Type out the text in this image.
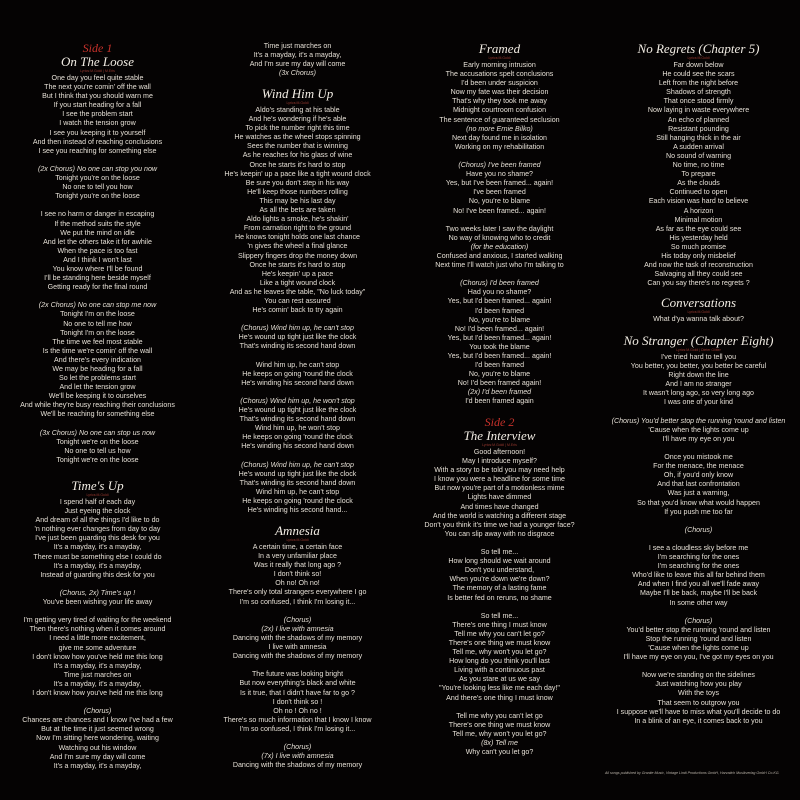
Side 1
On The Loose
Lyrics:M.Goldi | M.Eris
One day you feel quite stable
The next you're comin' off the wall
But I think that you should warn me
If you start heading for a fall
I see the problem start
I watch the tension grow
I see you keeping it to yourself
And then instead of reaching conclusions
I see you reaching for something else
(2x Chorus) No one can stop you now
Tonight you're on the loose
No one to tell you how
Tonight you're on the loose
I see no harm or danger in escaping
If the method suits the style
We put the mind on idle
And let the others take it for awhile
When the pace is too fast
And I think I won't last
You know where I'll be found
I'll be standing here beside myself
Getting ready for the final round
(2x Chorus) No one can stop me now
Tonight I'm on the loose
No one to tell me how
Tonight I'm on the loose
The time we feel most stable
Is the time we're comin' off the wall
And there's every indication
We may be heading for a fall
So let the problems start
And let the tension grow
We'll be keeping it to ourselves
And while they're busy reaching their conclusions
We'll be reaching for something else
(3x Chorus) No one can stop us now
Tonight we're on the loose
No one to tell us how
Tonight we're on the loose
Time's Up
Lyrics:M.Goldi
I spend half of each day
Just eyeing the clock
And dream of all the things I'd like to do
'n nothing ever changes from day to day
I've just been guarding this desk for you
It's a mayday, it's a mayday,
There must be something else I could do
It's a mayday, it's a mayday,
Instead of guarding this desk for you
(Chorus, 2x) Time's up !
You've been wishing your life away
I'm getting very tired of waiting for the weekend
Then there's nothing when it comes around
I need a little more excitement,
give me some adventure
I don't know how you've held me this long
It's a mayday, it's a mayday,
Time just marches on
It's a mayday, it's a mayday,
I don't know how you've held me this long
(Chorus)
Chances are chances and I know I've had a few
But at the time it just seemed wrong
Now I'm sitting here wondering, waiting
Watching out his window
And I'm sure my day will come
It's a mayday, it's a mayday,
Time just marches on
It's a mayday, it's a mayday,
And I'm sure my day will come
(3x Chorus)
Wind Him Up
Lyrics:M.Goldi
Aldo's standing at his table
And he's wondering if he's able
To pick the number right this time
He watches as the wheel stops spinning
Sees the number that is winning
As he reaches for his glass of wine
Once he starts it's hard to stop
He's keepin' up a pace like a tight wound clock
Be sure you don't step in his way
He'll keep those numbers rolling
This may be his last day
As all the bets are taken
Aldo lights a smoke, he's shakin'
From carnation right to the ground
He knows tonight holds one last chance
'n gives the wheel a final glance
Slippery fingers drop the money down
Once he starts it's hard to stop
He's keepin' up a pace
Like a tight wound clock
And as he leaves the table, "No luck today"
You can rest assured
He's comin' back to try again
(Chorus) Wind him up, he can't stop
He's wound up tight just like the clock
That's winding its second hand down
Wind him up, he can't stop
He keeps on going 'round the clock
He's winding his second hand down
(Chorus) Wind him up, he won't stop
He's wound up tight just like the clock
That's winding its second hand down
Wind him up, he won't stop
He keeps on going 'round the clock
He's winding his second hand down
(Chorus) Wind him up, he can't stop
He's wound up tight just like the clock
That's winding its second hand down
Wind him up, he can't stop
He keeps on going 'round the clock
He's winding his second hand...
Amnesia
Lyrics:M.Goldi
A certain time, a certain face
In a very unfamiliar place
Was it really that long ago ?
I don't think so!
Oh no! Oh no!
There's only total strangers everywhere I go
I'm so confused, I think I'm losing it...
(Chorus)
(2x) I live with amnesia
Dancing with the shadows of my memory
I live with amnesia
Dancing with the shadows of my memory
The future was looking bright
But now everything's black and white
Is it true, that I didn't have far to go ?
I don't think so !
Oh no ! Oh no !
There's so much information that I know I know
I'm so confused, I think I'm losing it...
(Chorus)
(7x) I live with amnesia
Dancing with the shadows of my memory
Framed
Lyrics:M.Goldi
Early morning intrusion
The accusations spelt conclusions
I'd been under suspicion
Now my fate was their decision
That's why they took me away
Midnight courtroom confusion
The sentence of guaranteed seclusion
(no more Ernie Bilko)
Next day found me in isolation
Working on my rehabilitation
(Chorus) I've been framed
Have you no shame?
Yes, but I've been framed... again!
I've been framed
No, you're to blame
No! I've been framed... again!
Two weeks later I saw the daylight
No way of knowing who to credit
(for the education)
Confused and anxious, I started walking
Next time I'll watch just who I'm talking to
(Chorus) I'd been framed
Had you no shame?
Yes, but I'd been framed... again!
I'd been framed
No, you're to blame
No! I'd been framed... again!
Yes, but I'd been framed... again!
You took the blame
Yes, but I'd been framed... again!
I'd been framed
No, you're to blame
No! I'd been framed again!
(2x) I'd been framed
I'd been framed again
Side 2
The Interview
Lyrics:M.Goldi | M.Eris
Good afternoon!
May I introduce myself?
With a story to be told you may need help
I know you were a headline for some time
But now you're part of a motionless mime
Lights have dimmed
And times have changed
And the world is watching a different stage
Don't you think it's time we had a younger face?
You can slip away with no disgrace
So tell me...
How long should we wait around
Don't you understand,
When you're down we're down?
The memory of a lasting fame
Is better fed on reruns, no shame
So tell me...
There's one thing I must know
Tell me why you can't let go?
There's one thing we must know
Tell me, why won't you let go?
How long do you think you'll last
Living with a continuous past
As you stare at us we say
"You're looking less like me each day!"
And there's one thing I must know
Tell me why you can't let go
There's one thing we must know
Tell me, why won't you let go?
(8x) Tell me
Why can't you let go?
No Regrets (Chapter 5)
Lyrics:M.Goldi
Far down below
He could see the scars
Left from the night before
Shadows of strength
That once stood firmly
Now laying in waste everywhere
An echo of planned
Resistant pounding
Still hanging thick in the air
A sudden arrival
No sound of warning
No time, no time
To prepare
As the clouds
Continued to open
Each vision was hard to believe
A horizon
Minimal motion
As far as the eye could see
His yesterday held
So much promise
His today only misbelief
And now the task of reconstruction
Salvaging all they could see
Can you say there's no regrets ?
Conversations
Lyrics:M.Goldi
What d'ya wanna talk about?
No Stranger (Chapter Eight)
Lyrics:M.Goldi | Dieter Glitter
I've tried hard to tell you
You better, you better, you better be careful
Right down the line
And I am no stranger
It wasn't long ago, so very long ago
I was one of your kind
(Chorus) You'd better stop the running 'round and listen
'Cause when the lights come up
I'll have my eye on you
Once you mistook me
For the menace, the menace
Oh, if you'd only know
And that last confrontation
Was just a warning,
So that you'd know what would happen
If you push me too far
(Chorus)
I see a cloudless sky before me
I'm searching for the ones
I'm searching for the ones
Who'd like to leave this all far behind them
And when I find you all we'll fade away
Maybe I'll be back, maybe I'll be back
In some other way
(Chorus)
You'd better stop the running 'round and listen
Stop the running 'round and listen
'Cause when the lights come up
I'll have my eye on you, I've got my eyes on you
Now we're standing on the sidelines
Just watching how you play
With the toys
That seem to outgrow you
I suppose we'll have to miss what you'll decide to do
In a blink of an eye, it comes back to you
All songs published by Granite Music, Vintage Lindi Productions GmbH, Harvatich Musikverlag GmbH Co.KG.
